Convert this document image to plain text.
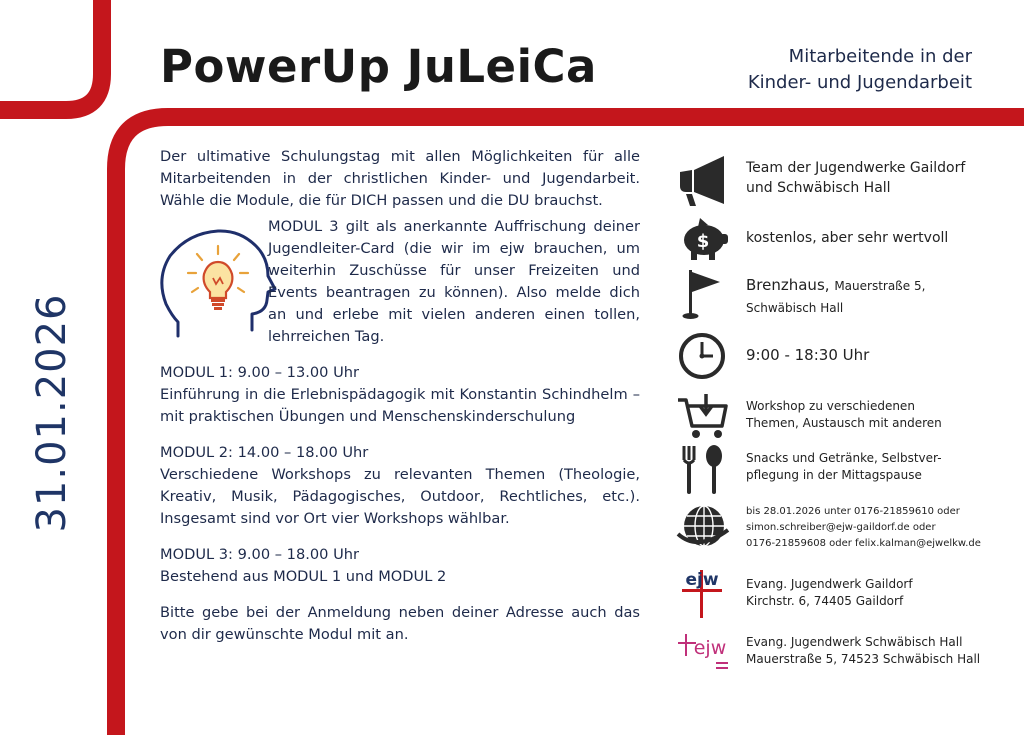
PowerUp JuLeiCa	Mitarbeitende in der
Kinder- und Jugendarbeit
31.01.2026

Der ultimative Schulungstag mit allen Möglichkeiten für alle Mitarbeitenden in der christlichen Kinder- und Jugendarbeit. Wähle die Module, die für DICH passen und die DU brauchst.

MODUL 3 gilt als anerkannte Auffrischung deiner Jugendleiter-Card (die wir im ejw brauchen, um weiterhin Zuschüsse für unser Freizeiten und Events beantragen zu können). Also melde dich an und erlebe mit vielen anderen einen tollen, lehrreichen Tag.

MODUL 1: 9.00 – 13.00 Uhr
Einführung in die Erlebnispädagogik mit Konstantin Schindhelm – mit praktischen Übungen und Menschenskinderschulung
MODUL 2: 14.00 – 18.00 Uhr
Verschiedene Workshops zu relevanten Themen (Theologie, Kreativ, Musik, Pädagogisches, Outdoor, Rechtliches, etc.). Insgesamt sind vor Ort vier Workshops wählbar.
MODUL 3: 9.00 – 18.00 Uhr
Bestehend aus MODUL 1 und MODUL 2

Bitte gebe bei der Anmeldung neben deiner Adresse auch das von dir gewünschte Modul mit an.

Team der Jugendwerke Gaildorf
und Schwäbisch Hall
$	kostenlos, aber sehr wertvoll
Brenzhaus, Mauerstraße 5,
Schwäbisch Hall
9:00 - 18:30 Uhr
Workshop zu verschiedenen
Themen, Austausch mit anderen
Snacks und Getränke, Selbstver-
pflegung in der Mittagspause
bis 28.01.2026 unter 0176-21859610 oder
simon.schreiber@ejw-gaildorf.de oder
0176-21859608 oder felix.kalman@ejwelkw.de
ejw Evang. Jugendwerk Gaildorf
Kirchstr. 6, 74405 Gaildorf
ejw Evang. Jugendwerk Schwäbisch Hall
Mauerstraße 5, 74523 Schwäbisch Hall
